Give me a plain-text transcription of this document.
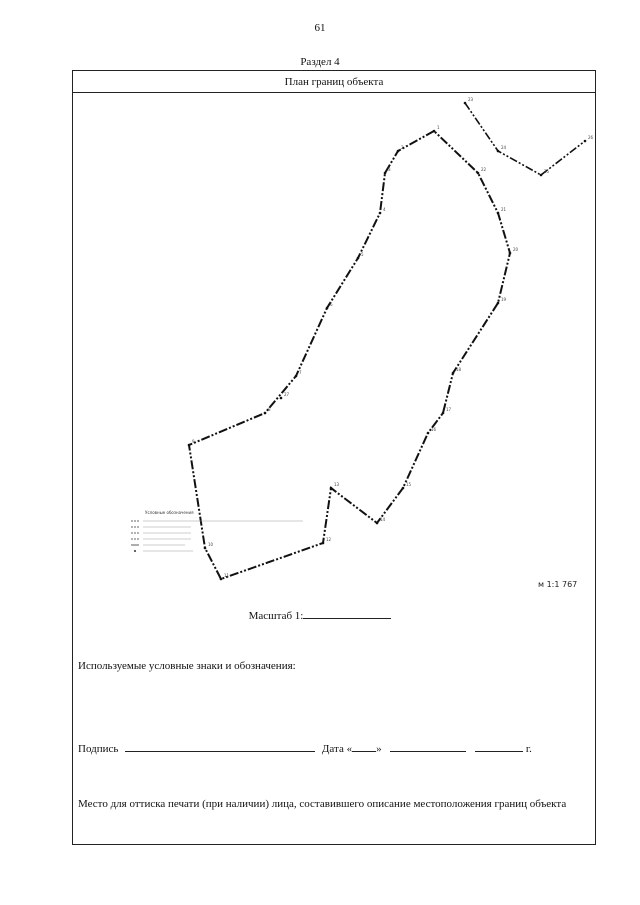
61
Раздел 4
План границ объекта
Условные обозначения
м 1:1 767
1
2
3
4
5
6
7
8
9
10
11
12
13
14
15
16
17
18
19
20
21
22
23
24
25
26
27
Масштаб 1:
Используемые условные знаки и обозначения:
Подпись	Дата « »	г.
Место для оттиска печати (при наличии) лица, составившего описание местоположения границ объекта
